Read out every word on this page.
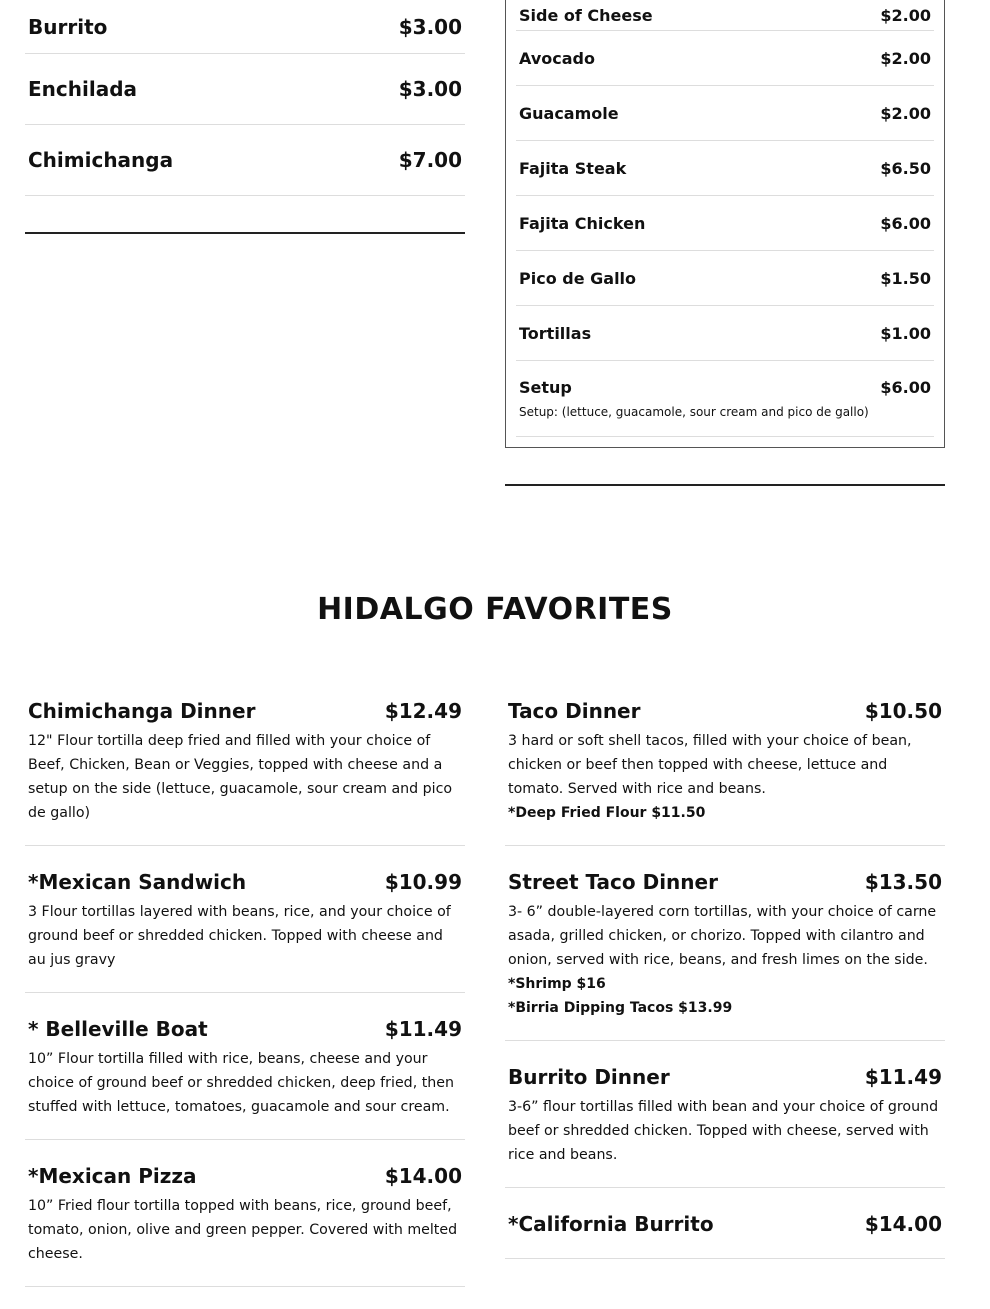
Burrito	$3.00
Enchilada	$3.00
Chimichanga	$7.00
Side of Cheese	$2.00
Avocado	$2.00
Guacamole	$2.00
Fajita Steak	$6.50
Fajita Chicken	$6.00
Pico de Gallo	$1.50
Tortillas	$1.00
Setup	$6.00
Setup: (lettuce, guacamole, sour cream and pico de gallo)
HIDALGO FAVORITES
Chimichanga Dinner	$12.49
12" Flour tortilla deep fried and filled with your choice of Beef, Chicken, Bean or Veggies, topped with cheese and a setup on the side (lettuce, guacamole, sour cream and pico de gallo)
*Mexican Sandwich	$10.99
3 Flour tortillas layered with beans, rice, and your choice of ground beef or shredded chicken. Topped with cheese and au jus gravy
* Belleville Boat	$11.49
10” Flour tortilla filled with rice, beans, cheese and your choice of ground beef or shredded chicken, deep fried, then stuffed with lettuce, tomatoes, guacamole and sour cream.
*Mexican Pizza	$14.00
10” Fried flour tortilla topped with beans, rice, ground beef, tomato, onion, olive and green pepper. Covered with melted cheese.
Taco Dinner	$10.50
3 hard or soft shell tacos, filled with your choice of bean, chicken or beef then topped with cheese, lettuce and tomato. Served with rice and beans.
*Deep Fried Flour $11.50
Street Taco Dinner	$13.50
3- 6” double-layered corn tortillas, with your choice of carne asada, grilled chicken, or chorizo. Topped with cilantro and onion, served with rice, beans, and fresh limes on the side.
*Shrimp $16
*Birria Dipping Tacos $13.99
Burrito Dinner	$11.49
3-6” flour tortillas filled with bean and your choice of ground beef or shredded chicken. Topped with cheese, served with rice and beans.
*California Burrito	$14.00
